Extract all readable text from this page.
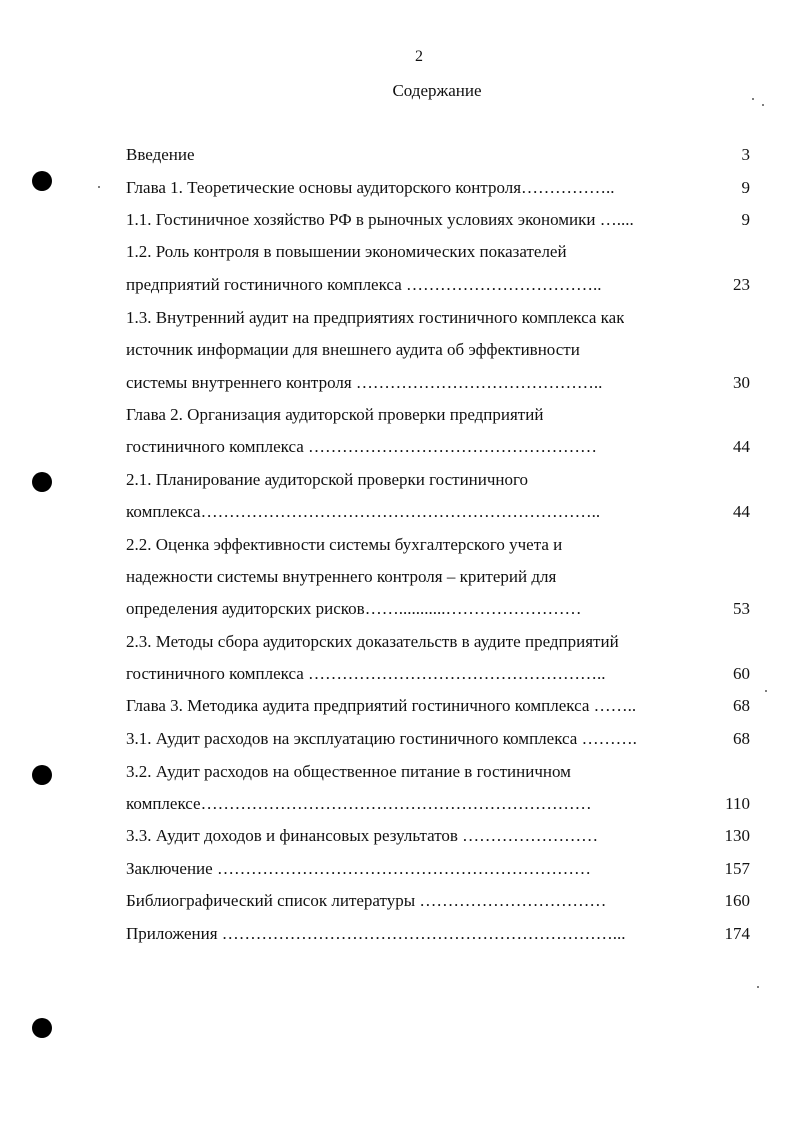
2
Содержание
Введение	3
Глава 1. Теоретические основы аудиторского контроля……………..	9
1.1. Гостиничное хозяйство РФ в рыночных условиях экономики …....	9
1.2. Роль контроля в повышении экономических показателей
предприятий гостиничного комплекса ……………………………..	23
1.3. Внутренний аудит на предприятиях гостиничного комплекса как
источник информации для внешнего аудита об эффективности
системы внутреннего контроля ……………………………………..	30
Глава 2. Организация аудиторской проверки предприятий
гостиничного комплекса ……………………………………………	44
2.1. Планирование аудиторской проверки гостиничного
комплекса……………………………………………………………..	44
2.2. Оценка эффективности системы бухгалтерского учета и
надежности системы внутреннего контроля – критерий для
определения аудиторских рисков……...........……………………	53
2.3. Методы сбора аудиторских доказательств в аудите предприятий
гостиничного комплекса ……………………………………………..	60
Глава 3. Методика аудита предприятий гостиничного комплекса ……..	68
3.1. Аудит расходов на эксплуатацию гостиничного комплекса ……….	68
3.2. Аудит расходов на общественное питание в гостиничном
комплексе……………………………………………………………	110
3.3. Аудит доходов и финансовых результатов ……………………	130
Заключение …………………………………………………………	157
Библиографический список литературы ……………………………	160
Приложения ……………………………………………………………...	174
